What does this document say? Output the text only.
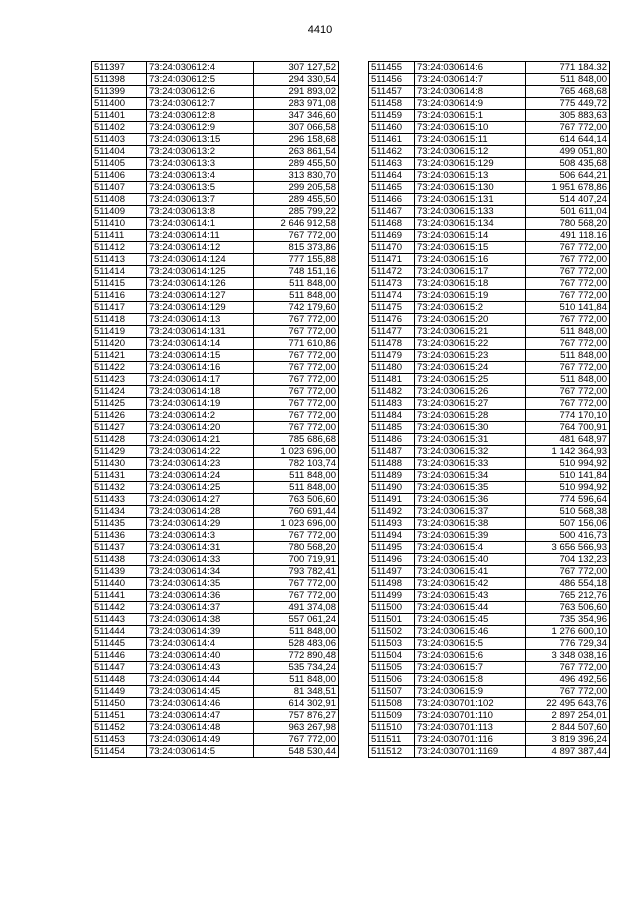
4410
511397	73:24:030612:4	307 127,52
511398	73:24:030612:5	294 330,54
511399	73:24:030612:6	291 893,02
511400	73:24:030612:7	283 971,08
511401	73:24:030612:8	347 346,60
511402	73:24:030612:9	307 066,58
511403	73:24:030613:15	296 158,68
511404	73:24:030613:2	263 861,54
511405	73:24:030613:3	289 455,50
511406	73:24:030613:4	313 830,70
511407	73:24:030613:5	299 205,58
511408	73:24:030613:7	289 455,50
511409	73:24:030613:8	285 799,22
511410	73:24:030614:1	2 646 912,58
511411	73:24:030614:11	767 772,00
511412	73:24:030614:12	815 373,86
511413	73:24:030614:124	777 155,88
511414	73:24:030614:125	748 151,16
511415	73:24:030614:126	511 848,00
511416	73:24:030614:127	511 848,00
511417	73:24:030614:129	742 179,60
511418	73:24:030614:13	767 772,00
511419	73:24:030614:131	767 772,00
511420	73:24:030614:14	771 610,86
511421	73:24:030614:15	767 772,00
511422	73:24:030614:16	767 772,00
511423	73:24:030614:17	767 772,00
511424	73:24:030614:18	767 772,00
511425	73:24:030614:19	767 772,00
511426	73:24:030614:2	767 772,00
511427	73:24:030614:20	767 772,00
511428	73:24:030614:21	785 686,68
511429	73:24:030614:22	1 023 696,00
511430	73:24:030614:23	782 103,74
511431	73:24:030614:24	511 848,00
511432	73:24:030614:25	511 848,00
511433	73:24:030614:27	763 506,60
511434	73:24:030614:28	760 691,44
511435	73:24:030614:29	1 023 696,00
511436	73:24:030614:3	767 772,00
511437	73:24:030614:31	780 568,20
511438	73:24:030614:33	700 719,91
511439	73:24:030614:34	793 782,41
511440	73:24:030614:35	767 772,00
511441	73:24:030614:36	767 772,00
511442	73:24:030614:37	491 374,08
511443	73:24:030614:38	557 061,24
511444	73:24:030614:39	511 848,00
511445	73:24:030614:4	528 483,06
511446	73:24:030614:40	772 890,48
511447	73:24:030614:43	535 734,24
511448	73:24:030614:44	511 848,00
511449	73:24:030614:45	81 348,51
511450	73:24:030614:46	614 302,91
511451	73:24:030614:47	757 876,27
511452	73:24:030614:48	963 267,98
511453	73:24:030614:49	767 772,00
511454	73:24:030614:5	548 530,44
511455	73:24:030614:6	771 184.32
511456	73:24:030614:7	511 848,00
511457	73:24:030614:8	765 468,68
511458	73:24:030614:9	775 449,72
511459	73:24:030615:1	305 883,63
511460	73:24:030615:10	767 772,00
511461	73:24:030615:11	614 644,14
511462	73:24:030615:12	499 051,80
511463	73:24:030615:129	508 435,68
511464	73:24:030615:13	506 644,21
511465	73:24:030615:130	1 951 678,86
511466	73:24:030615:131	514 407,24
511467	73:24:030615:133	501 611,04
511468	73:24:030615:134	780 568,20
511469	73:24:030615:14	491 118.16
511470	73:24:030615:15	767 772,00
511471	73:24:030615:16	767 772,00
511472	73:24:030615:17	767 772,00
511473	73:24:030615:18	767 772,00
511474	73:24:030615:19	767 772,00
511475	73:24:030615:2	510 141,84
511476	73:24:030615:20	767 772,00
511477	73:24:030615:21	511 848,00
511478	73:24:030615:22	767 772,00
511479	73:24:030615:23	511 848,00
511480	73:24:030615:24	767 772,00
511481	73:24:030615:25	511 848,00
511482	73:24:030615:26	767 772,00
511483	73:24:030615:27	767 772,00
511484	73:24:030615:28	774 170,10
511485	73:24:030615:30	764 700,91
511486	73:24:030615:31	481 648,97
511487	73:24:030615:32	1 142 364,93
511488	73:24:030615:33	510 994,92
511489	73:24:030615:34	510 141,84
511490	73:24:030615:35	510 994,92
511491	73:24:030615:36	774 596,64
511492	73:24:030615:37	510 568,38
511493	73:24:030615:38	507 156,06
511494	73:24:030615:39	500 416,73
511495	73:24:030615:4	3 656 566,93
511496	73:24:030615:40	704 132,23
511497	73:24:030615:41	767 772,00
511498	73:24:030615:42	486 554,18
511499	73:24:030615:43	765 212,76
511500	73:24:030615:44	763 506,60
511501	73:24:030615:45	735 354,96
511502	73:24:030615:46	1 276 600,10
511503	73:24:030615:5	776 729,34
511504	73:24:030615:6	3 348 038,16
511505	73:24:030615:7	767 772,00
511506	73:24:030615:8	496 492,56
511507	73:24:030615:9	767 772,00
511508	73:24:030701:102	22 495 643,76
511509	73:24:030701:110	2 897 254,01
511510	73:24:030701:113	2 844 507,60
511511	73:24:030701:116	3 819 396,24
511512	73:24:030701:1169	4 897 387,44
